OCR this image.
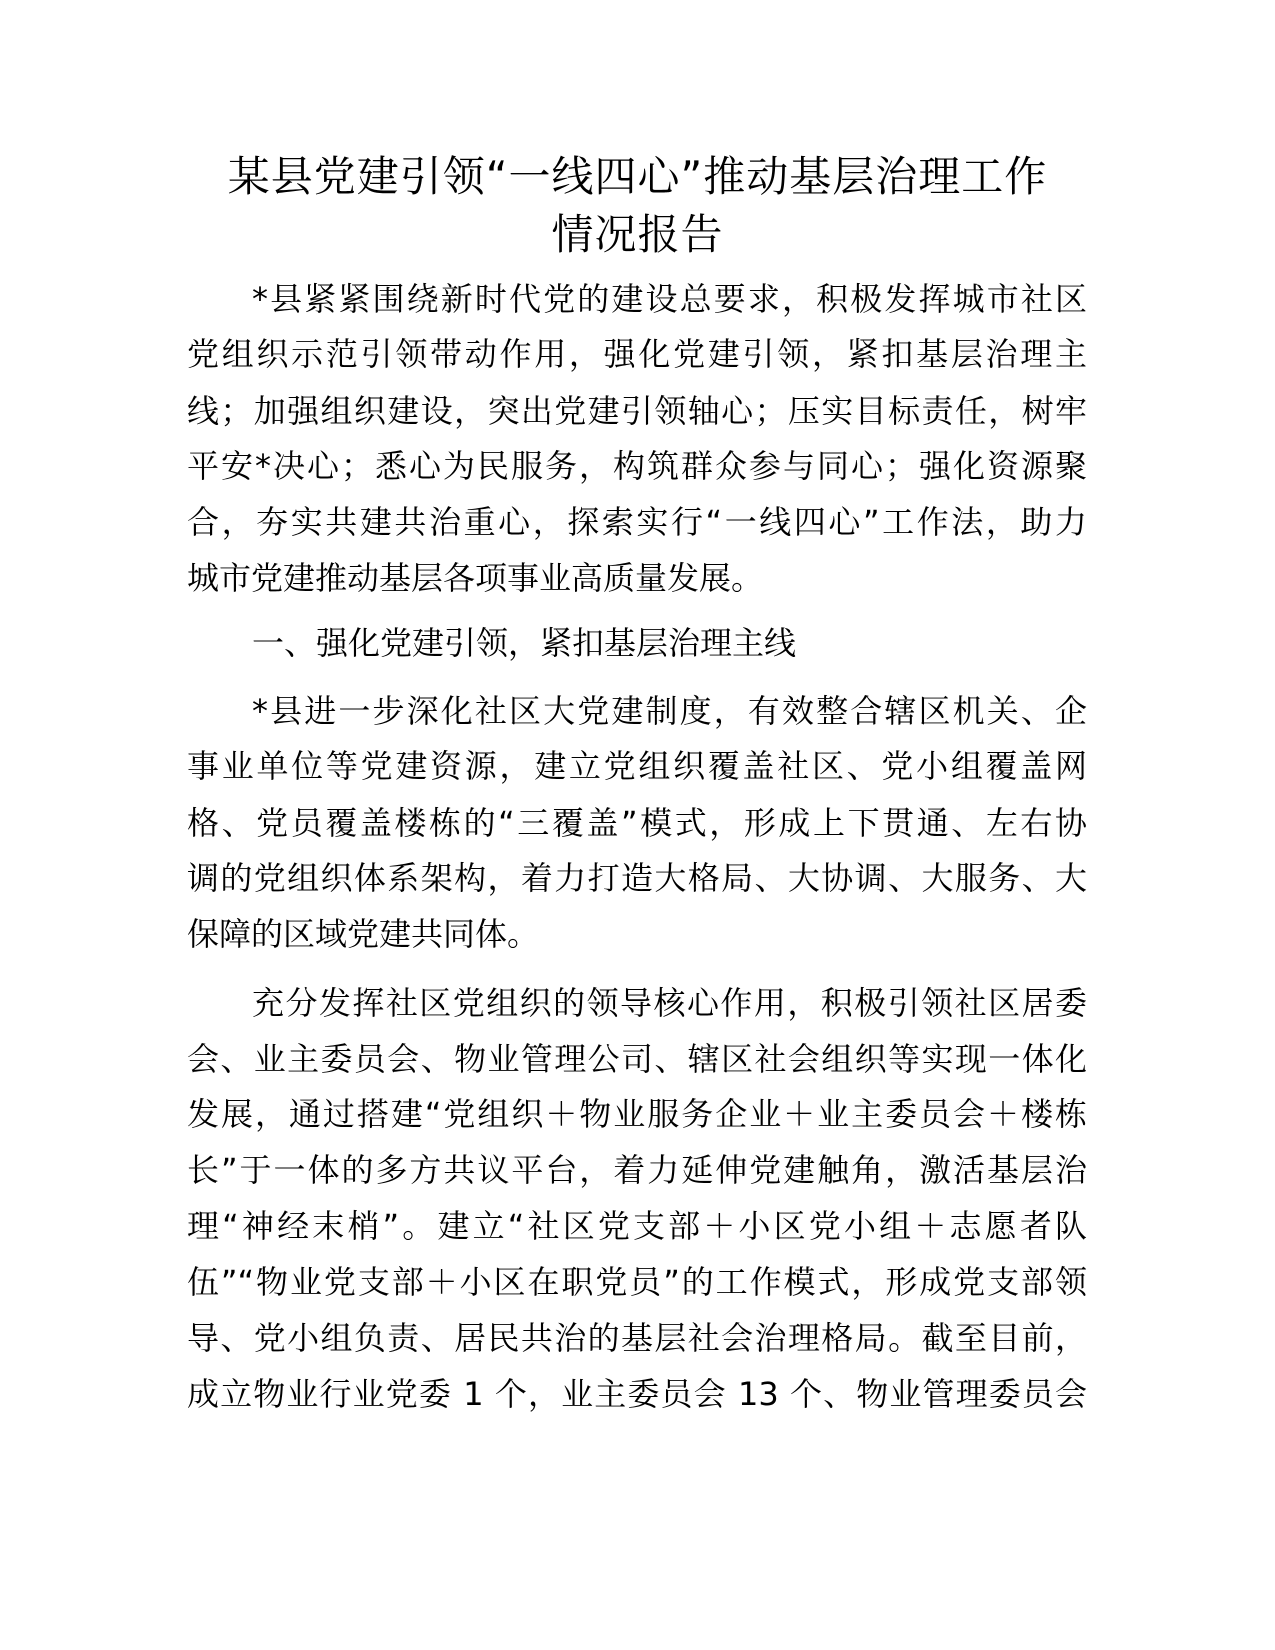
某县党建引领“一线四心”推动基层治理工作
情况报告

*县紧紧围绕新时代党的建设总要求，积极发挥城市社区

党组织示范引领带动作用，强化党建引领，紧扣基层治理主

线；加强组织建设，突出党建引领轴心；压实目标责任，树牢

平安*决心；悉心为民服务，构筑群众参与同心；强化资源聚

合，夯实共建共治重心，探索实行“一线四心”工作法，助力

城市党建推动基层各项事业高质量发展。

一、强化党建引领，紧扣基层治理主线

*县进一步深化社区大党建制度，有效整合辖区机关、企

事业单位等党建资源，建立党组织覆盖社区、党小组覆盖网

格、党员覆盖楼栋的“三覆盖”模式，形成上下贯通、左右协

调的党组织体系架构，着力打造大格局、大协调、大服务、大

保障的区域党建共同体。

充分发挥社区党组织的领导核心作用，积极引领社区居委

会、业主委员会、物业管理公司、辖区社会组织等实现一体化

发展，通过搭建“党组织＋物业服务企业＋业主委员会＋楼栋

长”于一体的多方共议平台，着力延伸党建触角，激活基层治

理“神经末梢”。建立“社区党支部＋小区党小组＋志愿者队

伍”“物业党支部＋小区在职党员”的工作模式，形成党支部领

导、党小组负责、居民共治的基层社会治理格局。截至目前，

成立物业行业党委 1 个，业主委员会 13 个、物业管理委员会
